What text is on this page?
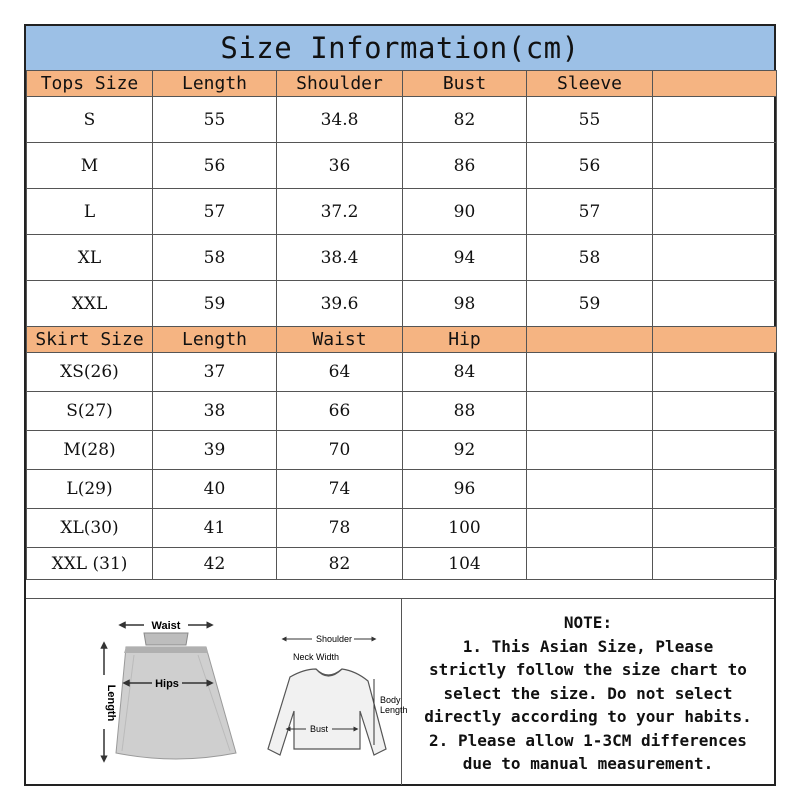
Size Information(cm)
Tops Size	Length	Shoulder	Bust	Sleeve	
S	55	34.8	82	55	
M	56	36	86	56	
L	57	37.2	90	57	
XL	58	38.4	94	58	
XXL	59	39.6	98	59	
Skirt Size	Length	Waist	Hip		
XS(26)	37	64	84		
S(27)	38	66	88		
M(28)	39	70	92		
L(29)	40	74	96		
XL(30)	41	78	100		
XXL (31)	42	82	104		
Waist
Hips
Length
Shoulder
Neck Width
Body
Length
Bust
NOTE:
1. This Asian Size, Please
strictly follow the size chart to
select the size. Do not select
directly according to your habits.
2. Please allow 1-3CM differences
due to manual measurement.
